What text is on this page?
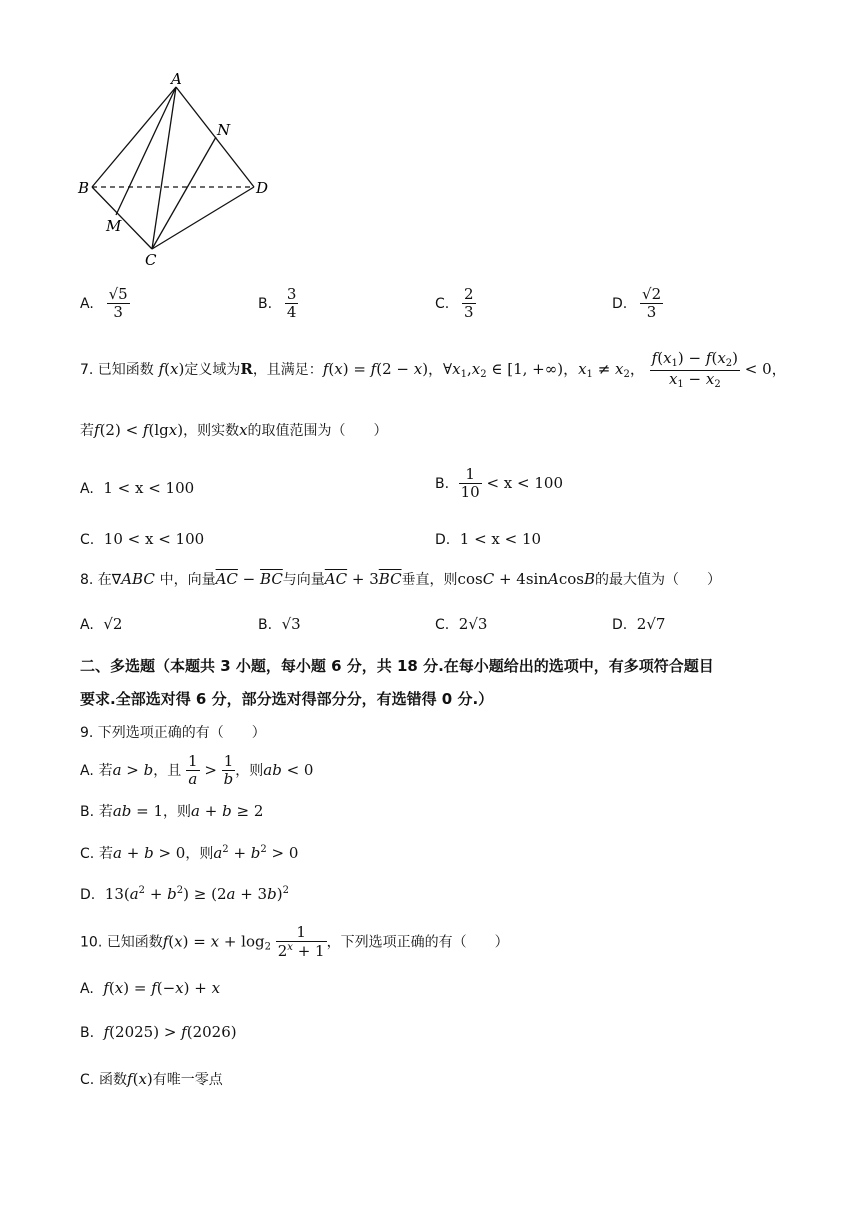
A
B
C
D
M
N
A. $\frac{√5}{3}$	B. $\frac{3}{4}$	C. $\frac{2}{3}$	D. $\frac{√2}{3}$
7. 已知函数 f(x)定义域为R，且满足：f(x) = f(2 − x)，$\forall x_1,x_2$ ∈ [1, +∞)，$x_1 \ne x_2$， $\frac{f(x_1) - f(x_2)}{x_1 - x_2} < 0$，
若f(2) < f(lgx)，则实数x的取值范围为（　　）
A. 1 < x < 100	B. $\frac{1}{10} < x < 100$
C. 10 < x < 100	D. 1 < x < 10
8. 在∇ABC 中，向量$\overline{AC} - \overline{BC}$与向量$\overline{AC} + 3\overline{BC}$垂直，则cosC + 4sinAcosB的最大值为（　　）
A. √2	B. √3	C. 2√3	D. 2√7
二、多选题（本题共 3 小题，每小题 6 分，共 18 分.在每小题给出的选项中，有多项符合题目
要求.全部选对得 6 分，部分选对得部分分，有选错得 0 分.）
9. 下列选项正确的有（　　）
A. 若a > b，且 $\frac{1}{a} > \frac{1}{b}$ ，则ab < 0
B. 若ab = 1，则a + b ≥ 2
C. 若a + b > 0，则$a^2 + b^2 > 0$
D.  $13(a^2 + b^2) \ge (2a + 3b)^2$
10. 已知函数$f(x) = x + \log_2 \frac{1}{2^x + 1}$ ，下列选项正确的有（　　）
A. f(x) = f(−x) + x
B. f(2025) > f(2026)
C. 函数f(x)有唯一零点
